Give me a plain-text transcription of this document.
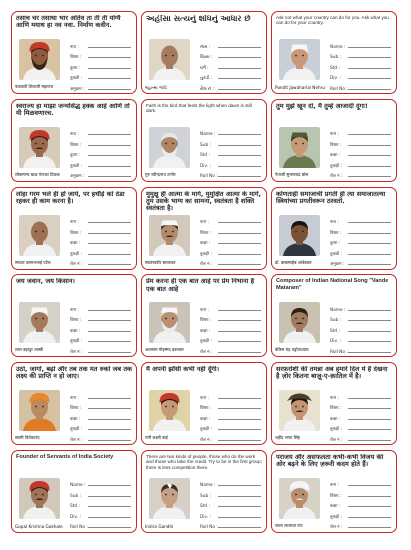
तसाच चर तसाथा भार अतिव ता ती ती योग्यै आणि मयाथ हा नव नवा. निर्माण कवीन.
फडकती शिवाजी महाराज
नाव :
विषय :
दुवरा :
तुकडी :
अनुक्रम :
અહીંસા સત્યનું શોધનું આધાર છે
મહાત્મા ગાંધી
નામ :
વિષય :
વર્ગ :
તુકડી :
રોલ નં :
Ask not what your country can do for you. Ask what you can do for your country.
Pandit Jawaharlal Nehru
Name :
Sub :
Std :
Div. :
Roll No :
स्वराज्य हा माझा जन्मसिद्ध हक्क आहे आणि तो मी मिळवणारच.
लोकमान्य बाळ गंगाधर टिळक
नाव :
विषय :
दुवरा :
तुकडी :
अनुक्रम :
Faith is the bird that feels the light when dawn is still dark.
गुरु रवीन्द्रनाथ टागोर
Name :
Sub :
Std :
Div. :
Roll No :
तुम मुझे खून दो, मैं तुम्हें आजादी दूंगा!
नेताजी सुभाषचंद्र बोस
नाम :
विषय :
कक्षा :
तुकड़ी :
रोल नं :
लोहा गरम भले ही हो जाये, पर हथौड़े को ठंडा रहकर ही काम करना है।
सरदार वल्लभभाई पटेल
नाम :
विषय :
कक्षा :
तुकड़ी :
रोल नं :
मुमुक्षु ही आत्मा के मार्ग, मुमुक्षित आत्मा के मार्ग, तुम उसके भाग्य का सामना, स्वतंत्रता है शक्ति स्वतंत्रता है।
स्वातंत्र्यवीर सावरकर
नाम :
विषय :
कक्षा :
तुकड़ी :
रोल नं :
कोणताही समाजाची प्रगती ही त्या समाजातल्या स्त्रियांच्या प्रगतीवरून ठरवतो.
डॉ. बाबासाहेब आंबेडकर
नाव :
विषय :
दुवरा :
तुकडी :
अनुक्रम :
जय जवान, जय किसान।
लाल बहादुर शास्त्री
नाम :
विषय :
कक्षा :
तुकड़ी :
रोल नं :
प्रेम करना ही एक बात आहे पर प्रेम निभाना है एक बात आहे
अल्लामा मोहम्मद इकबाल
नाम :
विषय :
कक्षा :
तुकड़ी :
रोल नं :
Composer of Indian National Song "Vande Mataram"
बंकिम चंद्र चट्टोपाध्याय
Name :
Sub :
Std :
Div. :
Roll No :
उठो, जागो, बढ़ो और तब तक मत रुको जब तक लक्ष्य की प्राप्ति न हो जाए।
स्वामी विवेकानंद
नाम :
विषय :
कक्षा :
तुकड़ी :
रोल नं :
मैं अपनी झाँसी कभी नहीं दूँगी।
रानी लक्ष्मी बाई
नाम :
विषय :
कक्षा :
तुकड़ी :
रोल नं :
सरफ़रोशी की तमन्ना अब हमारे दिल में है देखना है ज़ोर कितना बाज़ू-ए-क़ातिल में है।
शहीद भगत सिंह
नाम :
विषय :
कक्षा :
तुकड़ी :
रोल नं :
Founder of Servants of India Society
Gopal Krishna Gokhale
Name :
Sub :
Std :
Div. :
Roll No :
There are two kinds of people, those who do the work and those who take the credit. Try to be in the first group; there is less competition there.
Indira Gandhi
Name :
Sub :
Std :
Div. :
Roll No :
पराजय और असफलता कभी-कभी विजय की ओर बढ़ने के लिए ज़रूरी कदम होते हैं।
लाला लाजपत राय
नाम :
विषय :
कक्षा :
तुकड़ी :
रोल नं :
